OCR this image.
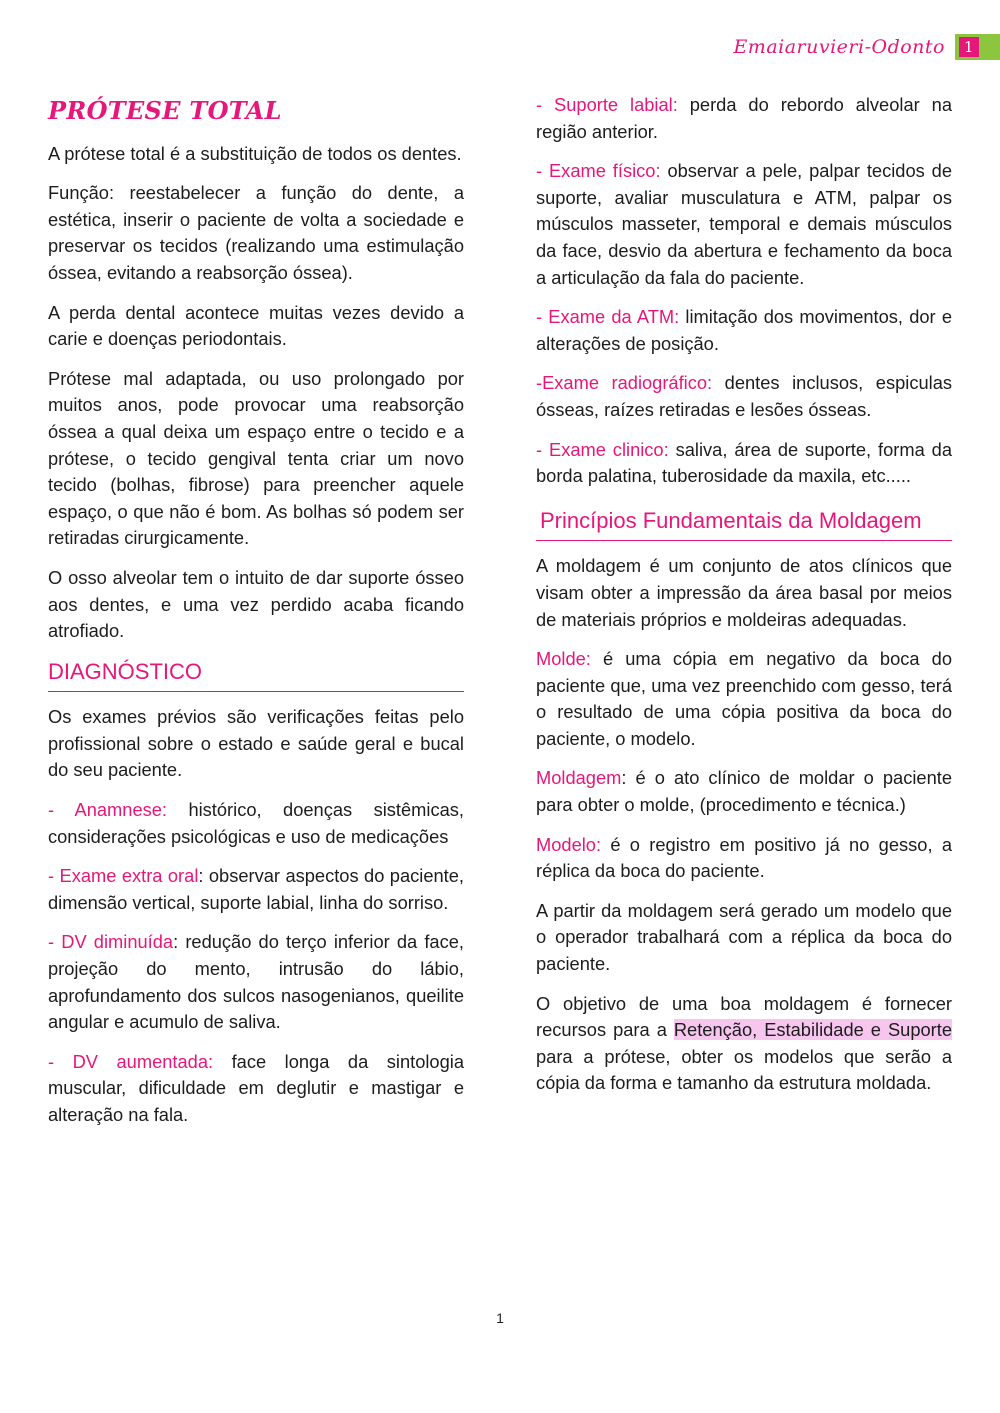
Emaiaruvieri-Odonto	1
PRÓTESE TOTAL

A prótese total é a substituição de todos os dentes.

Função: reestabelecer a função do dente, a estética, inserir o paciente de volta a sociedade e preservar os tecidos (realizando uma estimulação óssea, evitando a reabsorção óssea).

A perda dental acontece muitas vezes devido a carie e doenças periodontais.

Prótese mal adaptada, ou uso prolongado por muitos anos, pode provocar uma reabsorção óssea a qual deixa um espaço entre o tecido e a prótese, o tecido gengival tenta criar um novo tecido (bolhas, fibrose) para preencher aquele espaço, o que não é bom. As bolhas só podem ser retiradas cirurgicamente.

O osso alveolar tem o intuito de dar suporte ósseo aos dentes, e uma vez perdido acaba ficando atrofiado.

DIAGNÓSTICO

Os exames prévios são verificações feitas pelo profissional sobre o estado e saúde geral e bucal do seu paciente.

- Anamnese: histórico, doenças sistêmicas, considerações psicológicas e uso de medicações

- Exame extra oral: observar aspectos do paciente, dimensão vertical, suporte labial, linha do sorriso.

- DV diminuída: redução do terço inferior da face, projeção do mento, intrusão do lábio, aprofundamento dos sulcos nasogenianos, queilite angular e acumulo de saliva.

- DV aumentada: face longa da sintologia muscular, dificuldade em deglutir e mastigar e alteração na fala.

- Suporte labial: perda do rebordo alveolar na região anterior.

- Exame físico: observar a pele, palpar tecidos de suporte, avaliar musculatura e ATM, palpar os músculos masseter, temporal e demais músculos da face, desvio da abertura e fechamento da boca a articulação da fala do paciente.

- Exame da ATM: limitação dos movimentos, dor e alterações de posição.

-Exame radiográfico: dentes inclusos, espiculas ósseas, raízes retiradas e lesões ósseas.

- Exame clinico: saliva, área de suporte, forma da borda palatina, tuberosidade da maxila, etc.....

Princípios Fundamentais da Moldagem

A moldagem é um conjunto de atos clínicos que visam obter a impressão da área basal por meios de materiais próprios e moldeiras adequadas.

Molde: é uma cópia em negativo da boca do paciente que, uma vez preenchido com gesso, terá o resultado de uma cópia positiva da boca do paciente, o modelo.

Moldagem: é o ato clínico de moldar o paciente para obter o molde, (procedimento e técnica.)

Modelo: é o registro em positivo já no gesso, a réplica da boca do paciente.

A partir da moldagem será gerado um modelo que o operador trabalhará com a réplica da boca do paciente.

O objetivo de uma boa moldagem é fornecer recursos para a Retenção, Estabilidade e Suporte para a prótese, obter os modelos que serão a cópia da forma e tamanho da estrutura moldada.

1
